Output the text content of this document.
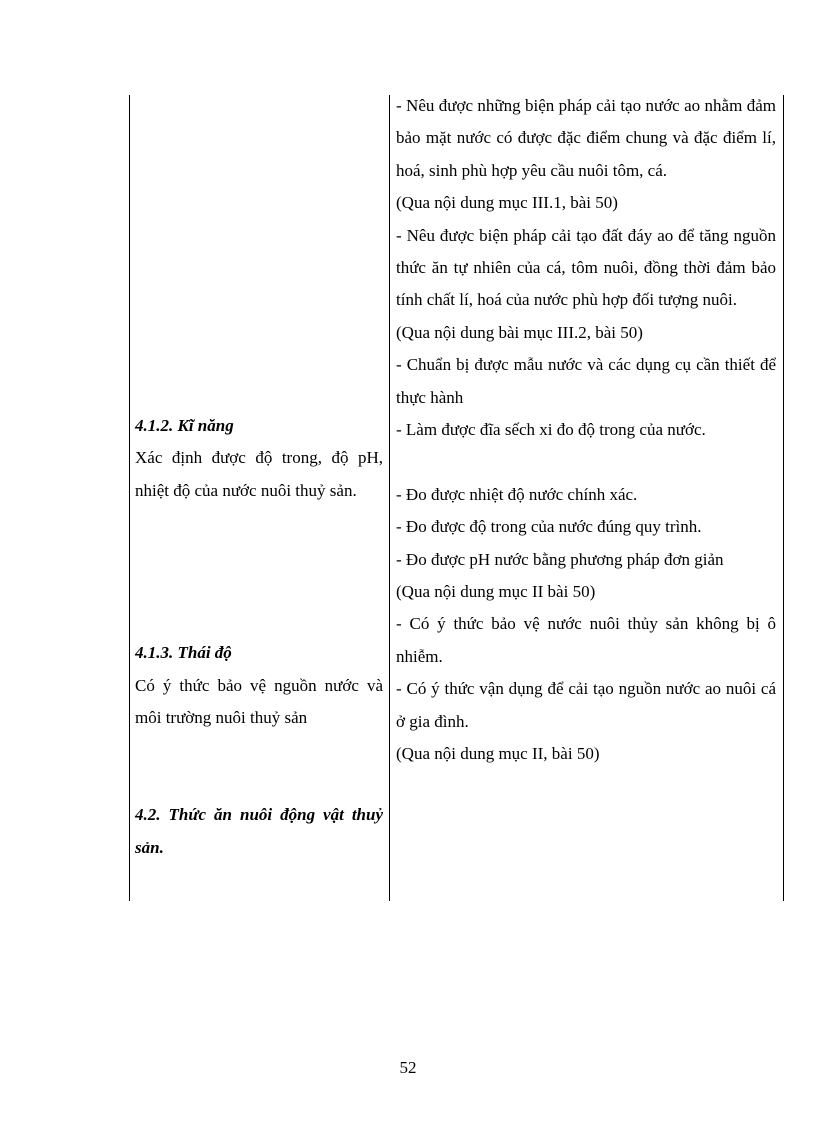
4.1.2. Kĩ năng

Xác định được độ trong, độ pH, nhiệt độ của nước nuôi thuỷ sản.

4.1.3. Thái độ

Có ý thức bảo vệ nguồn nước và môi trường nuôi thuỷ sản

4.2. Thức ăn nuôi động vật thuỷ sản.

- Nêu được những biện pháp cải tạo nước ao nhằm đảm bảo mặt nước có được đặc điểm chung và đặc điểm lí, hoá, sinh phù hợp yêu cầu nuôi tôm, cá.

(Qua nội dung mục III.1, bài 50)

- Nêu được biện pháp cải tạo đất đáy ao để tăng nguồn thức ăn tự nhiên của cá, tôm nuôi, đồng thời đảm bảo tính chất lí, hoá của nước phù hợp đối tượng nuôi.

(Qua nội dung bài mục III.2, bài 50)

- Chuẩn bị được mẫu nước và các dụng cụ cần thiết để thực hành

- Làm được đĩa sếch xi đo độ trong của nước.

- Đo được nhiệt độ nước chính xác.

- Đo được độ trong của nước đúng quy trình.

- Đo được pH nước bằng phương pháp đơn giản

(Qua nội dung mục II bài 50)

- Có ý thức bảo vệ nước nuôi thủy sản không bị ô nhiễm.

- Có ý thức vận dụng để cải tạo nguồn nước ao nuôi cá ở gia đình.

(Qua nội dung mục II, bài 50)

52
